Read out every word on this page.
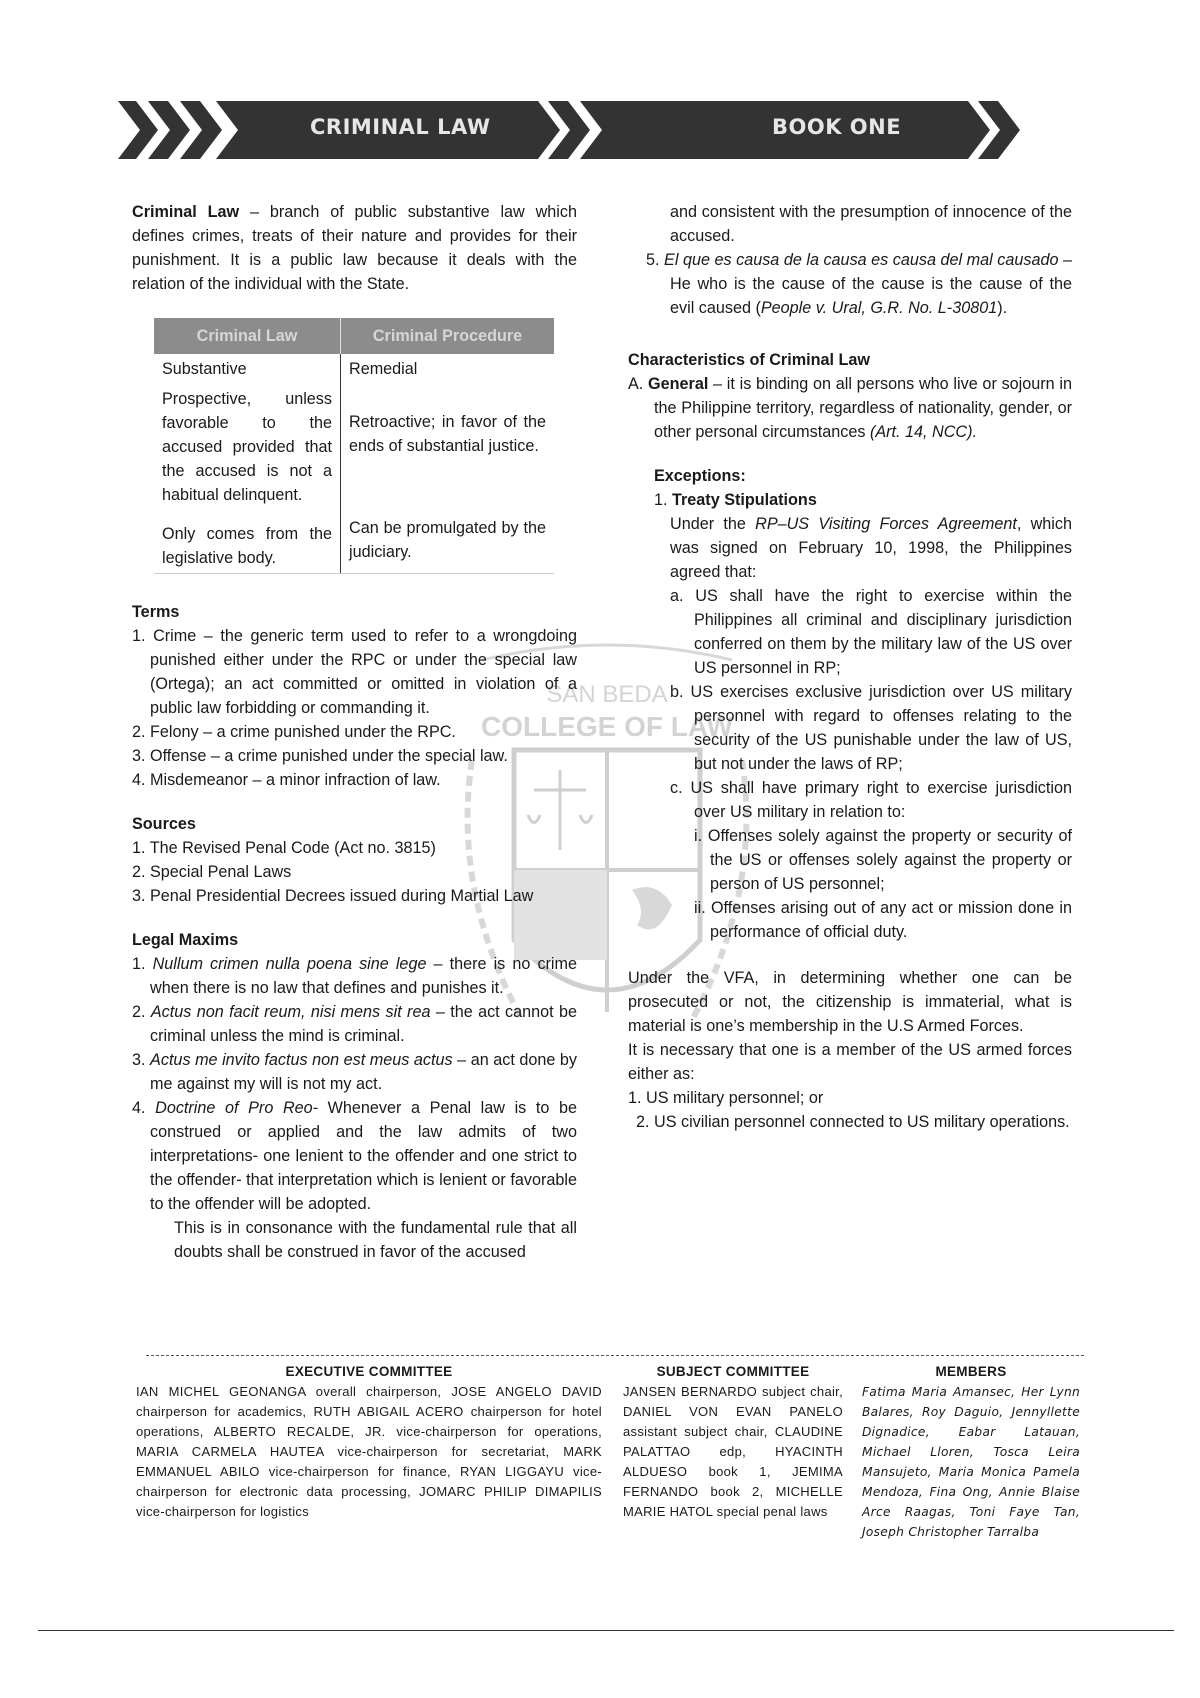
CRIMINAL LAW	BOOK ONE
SAN BEDA
COLLEGE OF LAW

Criminal Law – branch of public substantive law which defines crimes, treats of their nature and provides for their punishment. It is a public law because it deals with the relation of the individual with the State.

Criminal Law	Criminal Procedure
Substantive	Remedial
Prospective, unless favorable to the accused provided that the accused is not a habitual delinquent.	Retroactive; in favor of the ends of substantial justice.
Only comes from the legislative body.	Can be promulgated by the judiciary.
Terms
1. Crime – the generic term used to refer to a wrongdoing punished either under the RPC or under the special law (Ortega); an act committed or omitted in violation of a public law forbidding or commanding it.
2. Felony – a crime punished under the RPC.
3. Offense – a crime punished under the special law.
4. Misdemeanor – a minor infraction of law.
Sources
1. The Revised Penal Code (Act no. 3815)
2. Special Penal Laws
3. Penal Presidential Decrees issued during Martial Law
Legal Maxims
1. Nullum crimen nulla poena sine lege – there is no crime when there is no law that defines and punishes it.
2. Actus non facit reum, nisi mens sit rea – the act cannot be criminal unless the mind is criminal.
3. Actus me invito factus non est meus actus – an act done by me against my will is not my act.
4. Doctrine of Pro Reo- Whenever a Penal law is to be construed or applied and the law admits of two interpretations- one lenient to the offender and one strict to the offender- that interpretation which is lenient or favorable to the offender will be adopted.

This is in consonance with the fundamental rule that all doubts shall be construed in favor of the accused

and consistent with the presumption of innocence of the accused.

5. El que es causa de la causa es causa del mal causado – He who is the cause of the cause is the cause of the evil caused (People v. Ural, G.R. No. L-30801).
Characteristics of Criminal Law
A. General – it is binding on all persons who live or sojourn in the Philippine territory, regardless of nationality, gender, or other personal circumstances (Art. 14, NCC).
Exceptions:
1. Treaty Stipulations

Under the RP–US Visiting Forces Agreement, which was signed on February 10, 1998, the Philippines agreed that:

a. US shall have the right to exercise within the Philippines all criminal and disciplinary jurisdiction conferred on them by the military law of the US over US personnel in RP;
b. US exercises exclusive jurisdiction over US military personnel with regard to offenses relating to the security of the US punishable under the law of US, but not under the laws of RP;
c. US shall have primary right to exercise jurisdiction over US military in relation to:
i. Offenses solely against the property or security of the US or offenses solely against the property or person of US personnel;
ii. Offenses arising out of any act or mission done in performance of official duty.

Under the VFA, in determining whether one can be prosecuted or not, the citizenship is immaterial, what is material is one’s membership in the U.S Armed Forces.

It is necessary that one is a member of the US armed forces either as:

1. US military personnel; or
2. US civilian personnel connected to US military operations.
EXECUTIVE COMMITTEE
IAN MICHEL GEONANGA overall chairperson, JOSE ANGELO DAVID chairperson for academics, RUTH ABIGAIL ACERO chairperson for hotel operations, ALBERTO RECALDE, JR. vice-chairperson for operations, MARIA CARMELA HAUTEA vice-chairperson for secretariat, MARK EMMANUEL ABILO vice-chairperson for finance, RYAN LIGGAYU vice-chairperson for electronic data processing, JOMARC PHILIP DIMAPILIS vice-chairperson for logistics
SUBJECT COMMITTEE
JANSEN BERNARDO subject chair, DANIEL VON EVAN PANELO assistant subject chair, CLAUDINE PALATTAO edp, HYACINTH ALDUESO book 1, JEMIMA FERNANDO book 2, MICHELLE MARIE HATOL special penal laws
MEMBERS
Fatima Maria Amansec, Her Lynn Balares, Roy Daguio, Jennyllette Dignadice, Eabar Latauan, Michael Lloren, Tosca Leira Mansujeto, Maria Monica Pamela Mendoza, Fina Ong, Annie Blaise Arce Raagas, Toni Faye Tan, Joseph Christopher Tarralba
